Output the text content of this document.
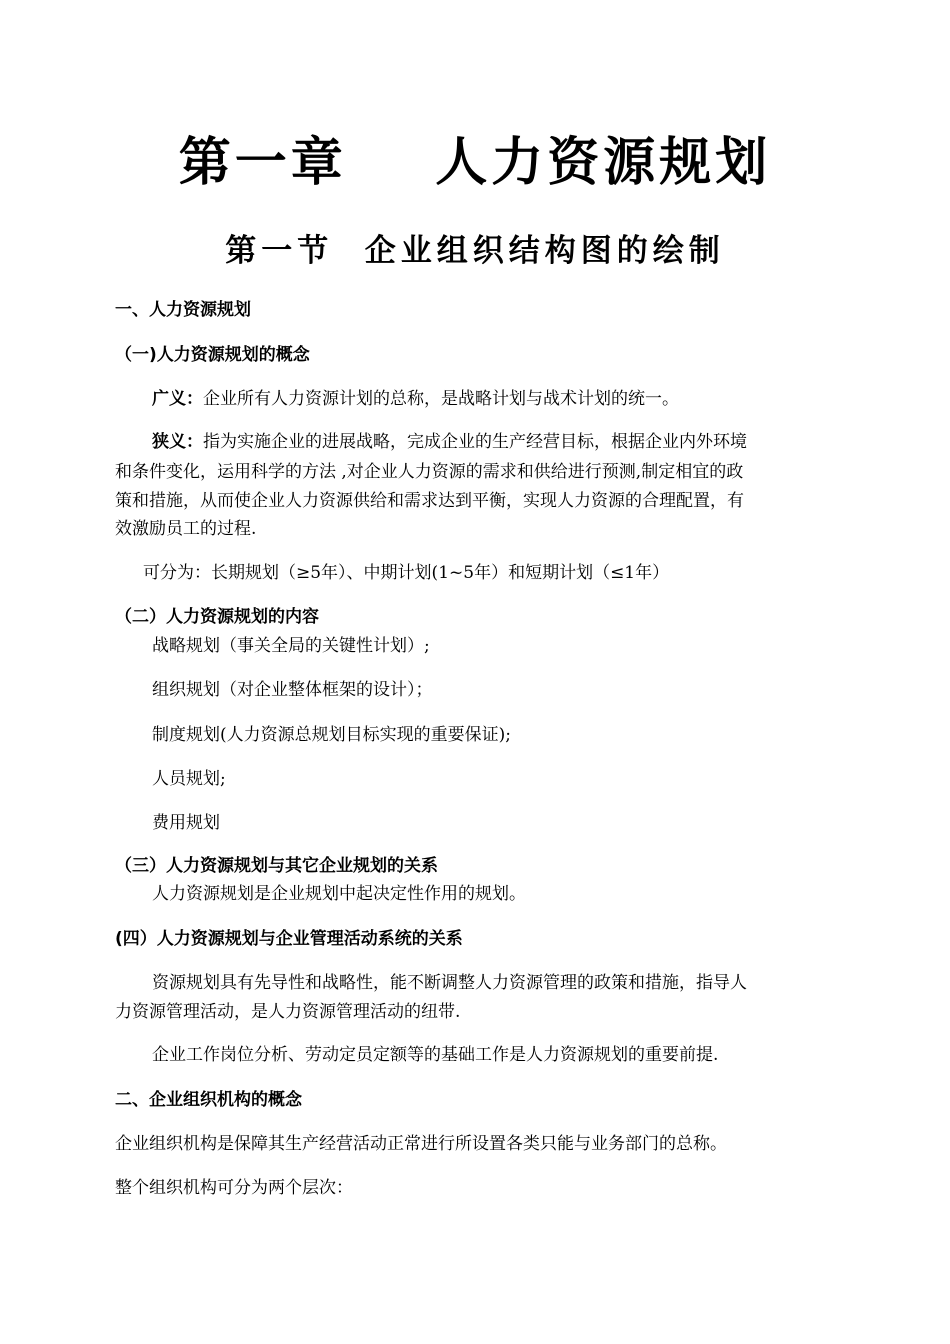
第一章    人力资源规划
第一节  企业组织结构图的绘制
一、人力资源规划
（一)人力资源规划的概念
广义：企业所有人力资源计划的总称，是战略计划与战术计划的统一。
狭义：指为实施企业的进展战略，完成企业的生产经营目标，根据企业内外环境
和条件变化，运用科学的方法 ,对企业人力资源的需求和供给进行预测,制定相宜的政
策和措施，从而使企业人力资源供给和需求达到平衡，实现人力资源的合理配置，有
效激励员工的过程.
可分为：长期规划（≥5年）、中期计划(1~5年）和短期计划（≤1年）
（二）人力资源规划的内容
战略规划（事关全局的关键性计划）;
组织规划（对企业整体框架的设计）；
制度规划(人力资源总规划目标实现的重要保证);
人员规划;
费用规划
（三）人力资源规划与其它企业规划的关系
人力资源规划是企业规划中起决定性作用的规划。
(四）人力资源规划与企业管理活动系统的关系
资源规划具有先导性和战略性，能不断调整人力资源管理的政策和措施，指导人
力资源管理活动，是人力资源管理活动的纽带.
企业工作岗位分析、劳动定员定额等的基础工作是人力资源规划的重要前提.
二、企业组织机构的概念
企业组织机构是保障其生产经营活动正常进行所设置各类只能与业务部门的总称。
整个组织机构可分为两个层次：
